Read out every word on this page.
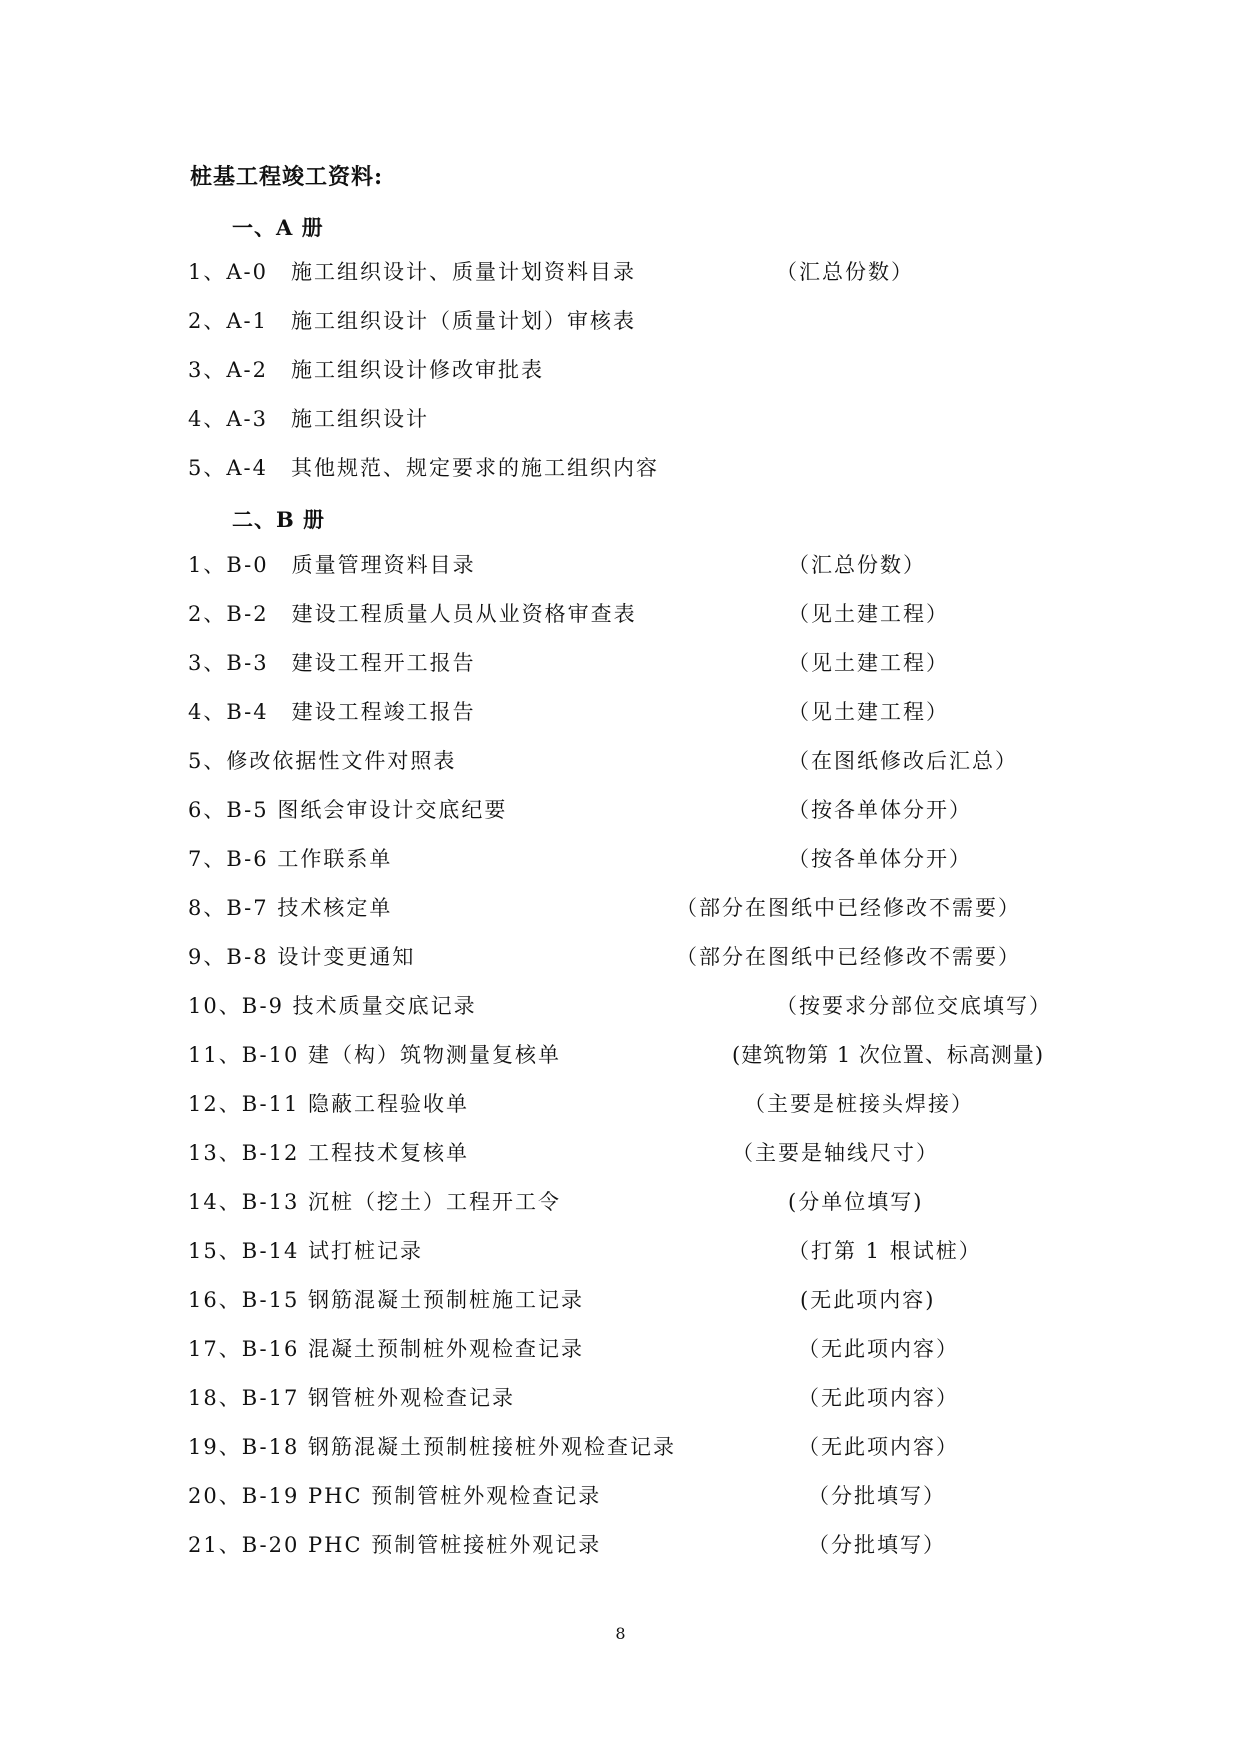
桩基工程竣工资料:
一、A 册
1、A-0　施工组织设计、质量计划资料目录	（汇总份数）
2、A-1　施工组织设计（质量计划）审核表
3、A-2　施工组织设计修改审批表
4、A-3　施工组织设计
5、A-4　其他规范、规定要求的施工组织内容
二、B 册
1、B-0　质量管理资料目录	（汇总份数）
2、B-2　建设工程质量人员从业资格审查表	（见土建工程）
3、B-3　建设工程开工报告	（见土建工程）
4、B-4　建设工程竣工报告	（见土建工程）
5、修改依据性文件对照表	（在图纸修改后汇总）
6、B-5 图纸会审设计交底纪要	（按各单体分开）
7、B-6 工作联系单	（按各单体分开）
8、B-7 技术核定单	（部分在图纸中已经修改不需要）
9、B-8 设计变更通知	（部分在图纸中已经修改不需要）
10、B-9 技术质量交底记录	（按要求分部位交底填写）
11、B-10 建（构）筑物测量复核单	(建筑物第 1 次位置、标高测量)
12、B-11 隐蔽工程验收单	（主要是桩接头焊接）
13、B-12 工程技术复核单	（主要是轴线尺寸）
14、B-13 沉桩（挖土）工程开工令	(分单位填写)
15、B-14 试打桩记录	（打第 1 根试桩）
16、B-15 钢筋混凝土预制桩施工记录	(无此项内容)
17、B-16 混凝土预制桩外观检查记录	（无此项内容）
18、B-17 钢管桩外观检查记录	（无此项内容）
19、B-18 钢筋混凝土预制桩接桩外观检查记录	（无此项内容）
20、B-19 PHC 预制管桩外观检查记录	（分批填写）
21、B-20 PHC 预制管桩接桩外观记录	（分批填写）
8
